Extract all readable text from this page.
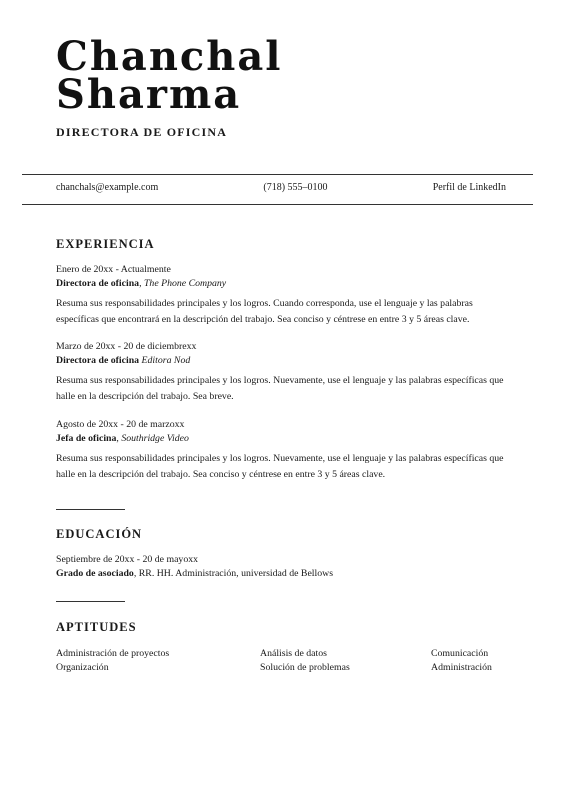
Chanchal
Sharma
DIRECTORA DE OFICINA
chanchals@example.com	(718) 555–0100	Perfil de LinkedIn
EXPERIENCIA
Enero de 20xx - Actualmente
Directora de oficina, The Phone Company
Resuma sus responsabilidades principales y los logros. Cuando corresponda, use el lenguaje y las palabras específicas que encontrará en la descripción del trabajo. Sea conciso y céntrese en entre 3 y 5 áreas clave.
Marzo de 20xx - 20 de diciembrexx
Directora de oficina Editora Nod
Resuma sus responsabilidades principales y los logros. Nuevamente, use el lenguaje y las palabras específicas que halle en la descripción del trabajo. Sea breve.
Agosto de 20xx - 20 de marzoxx
Jefa de oficina, Southridge Video
Resuma sus responsabilidades principales y los logros. Nuevamente, use el lenguaje y las palabras específicas que halle en la descripción del trabajo. Sea conciso y céntrese en entre 3 y 5 áreas clave.
EDUCACIÓN
Septiembre de 20xx - 20 de mayoxx
Grado de asociado, RR. HH. Administración, universidad de Bellows
APTITUDES
Administración de proyectos	Análisis de datos	Comunicación
Organización	Solución de problemas	Administración
